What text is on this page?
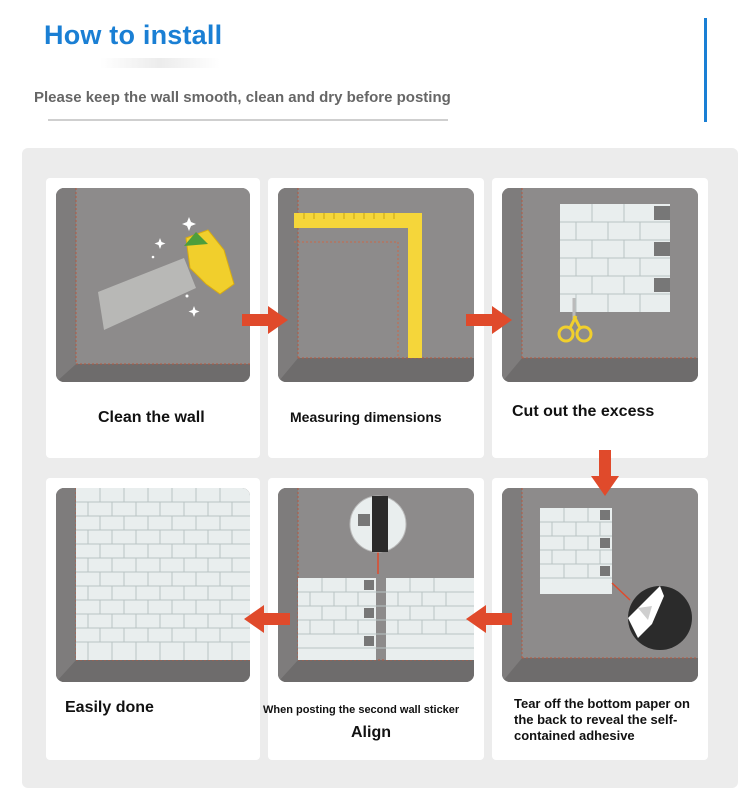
How to install
Please keep the wall smooth, clean and dry before posting
Clean the wall	Measuring dimensions	Cut out the excess
Tear off the bottom paper on the back to reveal the self-contained adhesive
When posting the second wall sticker
Align
Easily done
